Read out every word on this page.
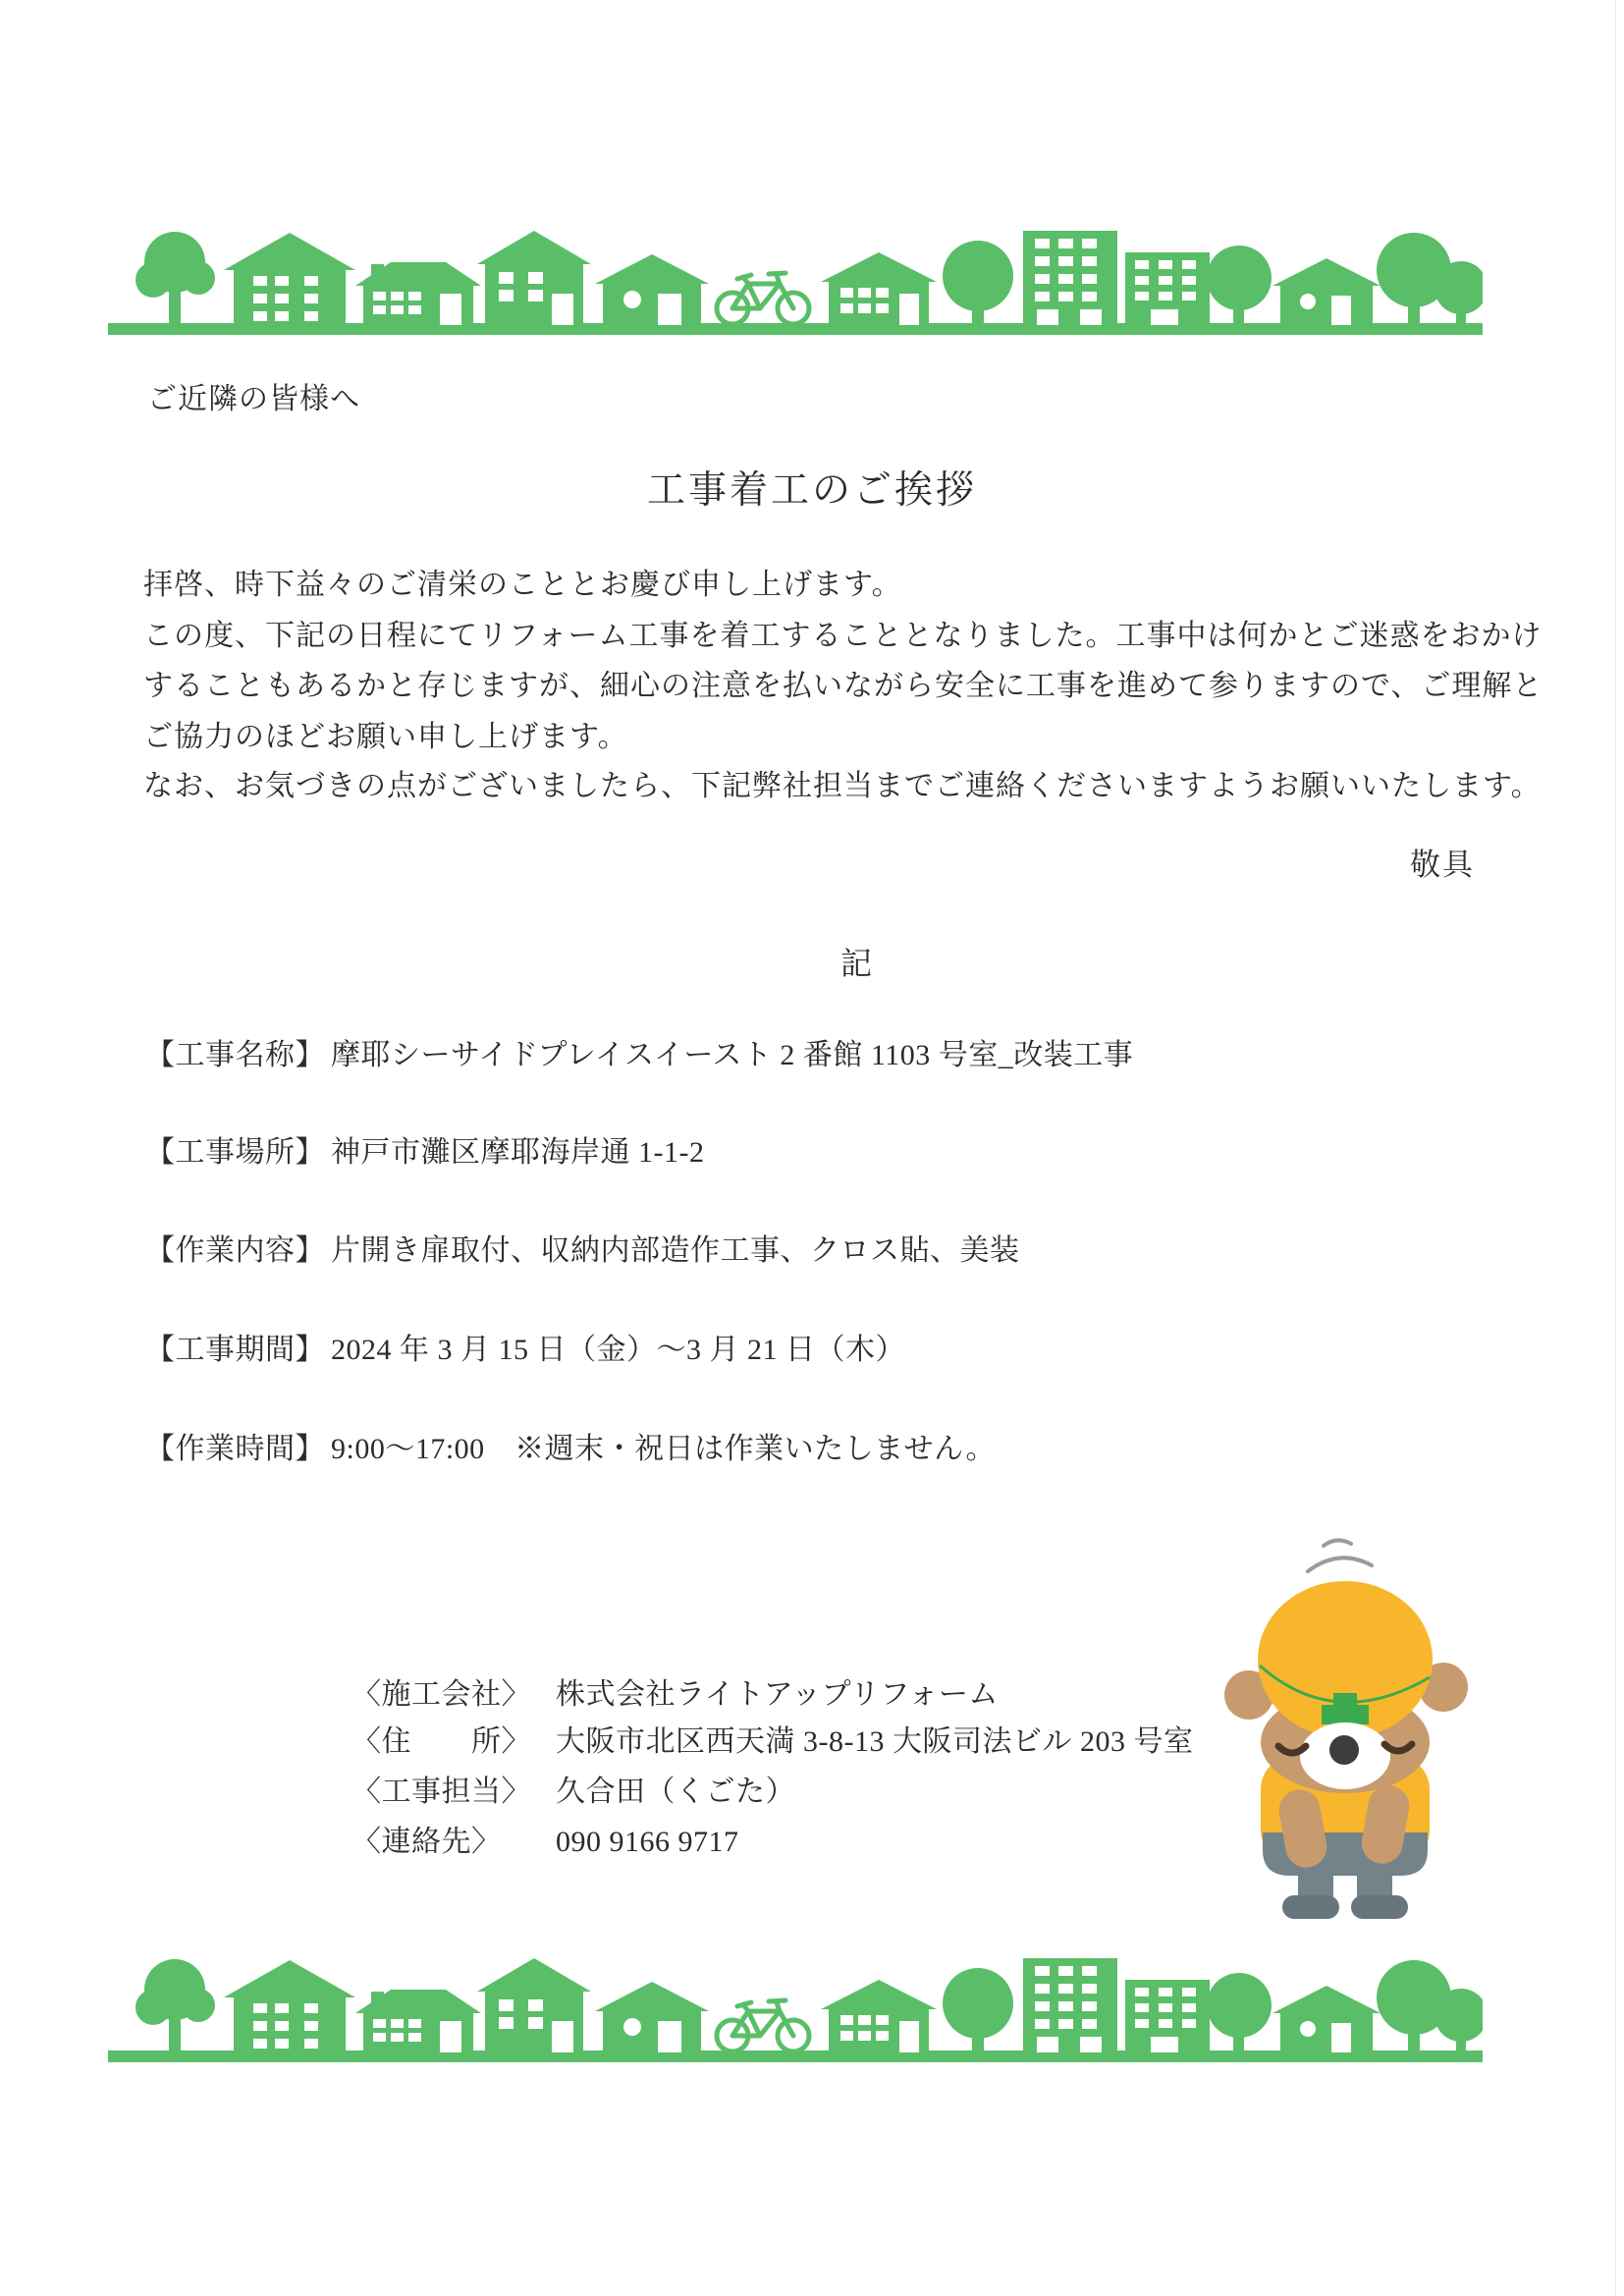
ご近隣の皆様へ
工事着工のご挨拶
拝啓、時下益々のご清栄のこととお慶び申し上げます。
この度、下記の日程にてリフォーム工事を着工することとなりました。工事中は何かとご迷惑をおかけ
することもあるかと存じますが、細心の注意を払いながら安全に工事を進めて参りますので、ご理解と
ご協力のほどお願い申し上げます。
なお、お気づきの点がございましたら、下記弊社担当までご連絡くださいますようお願いいたします。
敬具
記
【工事名称】 摩耶シーサイドプレイスイースト 2 番館 1103 号室_改装工事
【工事場所】 神戸市灘区摩耶海岸通 1-1-2
【作業内容】 片開き扉取付、収納内部造作工事、クロス貼、美装
【工事期間】 2024 年 3 月 15 日（金）～3 月 21 日（木）
【作業時間】 9:00～17:00　※週末・祝日は作業いたしません。
〈施工会社〉 株式会社ライトアップリフォーム
〈住　　所〉 大阪市北区西天満 3-8-13 大阪司法ビル 203 号室
〈工事担当〉 久合田（くごた）
〈連絡先〉 090 9166 9717
